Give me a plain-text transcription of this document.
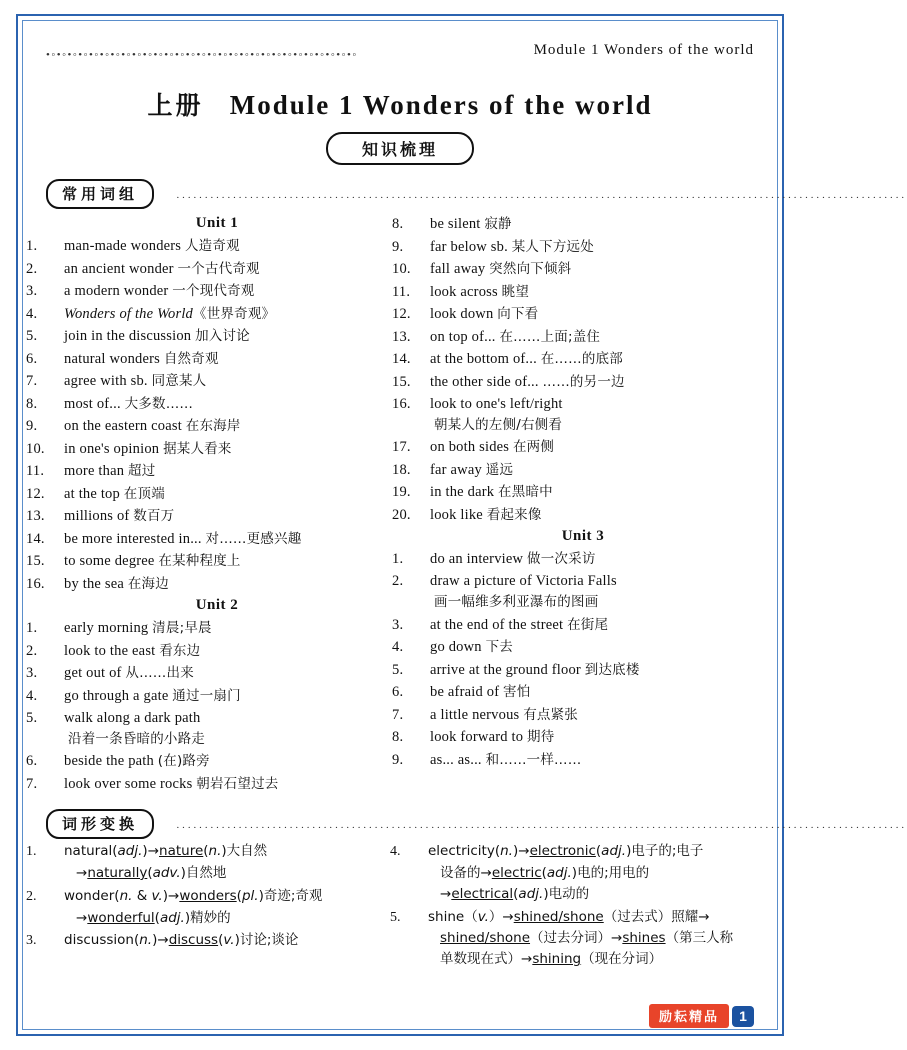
•◦•◦•◦•◦•◦•◦•◦•◦•◦•◦•◦•◦•◦•◦•◦•◦•◦•◦•◦•◦•◦•◦•◦•◦•◦•◦•◦•◦•◦	Module 1 Wonders of the world
上册 Module 1 Wonders of the world
知识梳理
常用词组	·································································································································
Unit 1
1. man-made wonders 人造奇观
2. an ancient wonder 一个古代奇观
3. a modern wonder 一个现代奇观
4. Wonders of the World《世界奇观》
5. join in the discussion 加入讨论
6. natural wonders 自然奇观
7. agree with sb. 同意某人
8. most of... 大多数……
9. on the eastern coast 在东海岸
10. in one's opinion 据某人看来
11. more than 超过
12. at the top 在顶端
13. millions of 数百万
14. be more interested in... 对……更感兴趣
15. to some degree 在某种程度上
16. by the sea 在海边
Unit 2
1. early morning 清晨;早晨
2. look to the east 看东边
3. get out of 从……出来
4. go through a gate 通过一扇门
5. walk along a dark path
沿着一条昏暗的小路走
6. beside the path (在)路旁
7. look over some rocks 朝岩石望过去
8. be silent 寂静
9. far below sb. 某人下方远处
10. fall away 突然向下倾斜
11. look across 眺望
12. look down 向下看
13. on top of... 在……上面;盖住
14. at the bottom of... 在……的底部
15. the other side of... ……的另一边
16. look to one's left/right
朝某人的左侧/右侧看
17. on both sides 在两侧
18. far away 遥远
19. in the dark 在黑暗中
20. look like 看起来像
Unit 3
1. do an interview 做一次采访
2. draw a picture of Victoria Falls
画一幅维多利亚瀑布的图画
3. at the end of the street 在街尾
4. go down 下去
5. arrive at the ground floor 到达底楼
6. be afraid of 害怕
7. a little nervous 有点紧张
8. look forward to 期待
9. as... as... 和……一样……
词形变换	·································································································································
1. natural(adj.)→nature(n.)大自然
→naturally(adv.)自然地
2. wonder(n. & v.)→wonders(pl.)奇迹;奇观
→wonderful(adj.)精妙的
3. discussion(n.)→discuss(v.)讨论;谈论
4. electricity(n.)→electronic(adj.)电子的;电子
设备的→electric(adj.)电的;用电的
→electrical(adj.)电动的
5. shine（v.）→shined/shone（过去式）照耀→
shined/shone（过去分词）→shines（第三人称
单数现在式）→shining（现在分词）
励耘精品	1
